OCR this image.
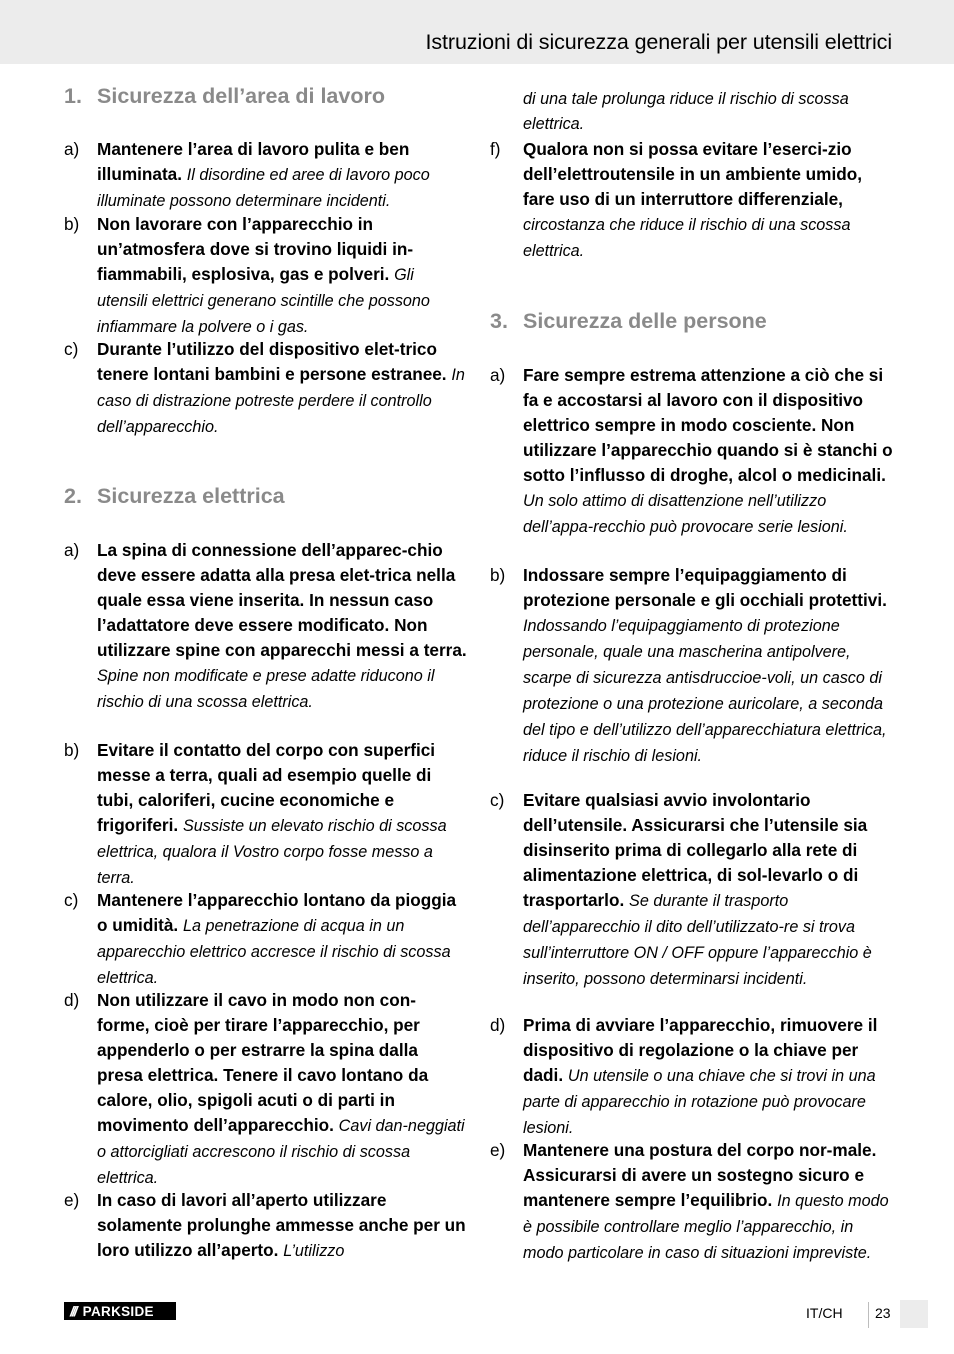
Istruzioni di sicurezza generali per utensili elettrici
1. Sicurezza dell’area di lavoro
a)	Mantenere l’area di lavoro pulita e ben illuminata. Il disordine ed aree di lavoro poco illuminate possono determinare incidenti.
b)	Non lavorare con l’apparecchio in un’atmosfera dove si trovino liquidi in-fiammabili, esplosiva, gas e polveri. Gli utensili elettrici generano scintille che possono infiammare la polvere o i gas.
c)	Durante l’utilizzo del dispositivo elet-trico tenere lontani bambini e persone estranee. In caso di distrazione potreste perdere il controllo dell’apparecchio.
2. Sicurezza elettrica
a)	La spina di connessione dell’apparec-chio deve essere adatta alla presa elet-trica nella quale essa viene inserita. In nessun caso l’adattatore deve essere modificato. Non utilizzare spine con apparecchi messi a terra. Spine non modificate e prese adatte riducono il rischio di una scossa elettrica.
b)	Evitare il contatto del corpo con superfici messe a terra, quali ad esempio quelle di tubi, caloriferi, cucine economiche e frigoriferi. Sussiste un elevato rischio di scossa elettrica, qualora il Vostro corpo fosse messo a terra.
c)	Mantenere l’apparecchio lontano da pioggia o umidità. La penetrazione di acqua in un apparecchio elettrico accresce il rischio di scossa elettrica.
d)	Non utilizzare il cavo in modo non con-forme, cioè per tirare l’apparecchio, per appenderlo o per estrarre la spina dalla presa elettrica. Tenere il cavo lontano da calore, olio, spigoli acuti o di parti in movimento dell’apparecchio. Cavi dan-neggiati o attorcigliati accrescono il rischio di scossa elettrica.
e)	In caso di lavori all’aperto utilizzare solamente prolunghe ammesse anche per un loro utilizzo all’aperto. L’utilizzo
di una tale prolunga riduce il rischio di scossa elettrica.
f)	Qualora non si possa evitare l’eserci-zio dell’elettroutensile in un ambiente umido, fare uso di un interruttore differenziale, circostanza che riduce il rischio di una scossa elettrica.
3. Sicurezza delle persone
a)	Fare sempre estrema attenzione a ciò che si fa e accostarsi al lavoro con il dispositivo elettrico sempre in modo cosciente. Non utilizzare l’apparecchio quando si è stanchi o sotto l’influsso di droghe, alcol o medicinali. Un solo attimo di disattenzione nell’utilizzo dell’appa-recchio può provocare serie lesioni.
b)	Indossare sempre l’equipaggiamento di protezione personale e gli occhiali protettivi. Indossando l’equipaggiamento di protezione personale, quale una mascherina antipolvere, scarpe di sicurezza antisdruccioe-voli, un casco di protezione o una protezione auricolare, a seconda del tipo e dell’utilizzo dell’apparecchiatura elettrica, riduce il rischio di lesioni.
c)	Evitare qualsiasi avvio involontario dell’utensile. Assicurarsi che l’utensile sia disinserito prima di collegarlo alla rete di alimentazione elettrica, di sol-levarlo o di trasportarlo. Se durante il trasporto dell’apparecchio il dito dell’utilizzato-re si trova sull’interruttore ON / OFF oppure l’apparecchio è inserito, possono determinarsi incidenti.
d)	Prima di avviare l’apparecchio, rimuovere il dispositivo di regolazione o la chiave per dadi. Un utensile o una chiave che si trovi in una parte di apparecchio in rotazione può provocare lesioni.
e)	Mantenere una postura del corpo nor-male. Assicurarsi di avere un sostegno sicuro e mantenere sempre l’equilibrio. In questo modo è possibile controllare meglio l’apparecchio, in modo particolare in caso di situazioni impreviste.
/// PARKSIDE	IT/CH 23
